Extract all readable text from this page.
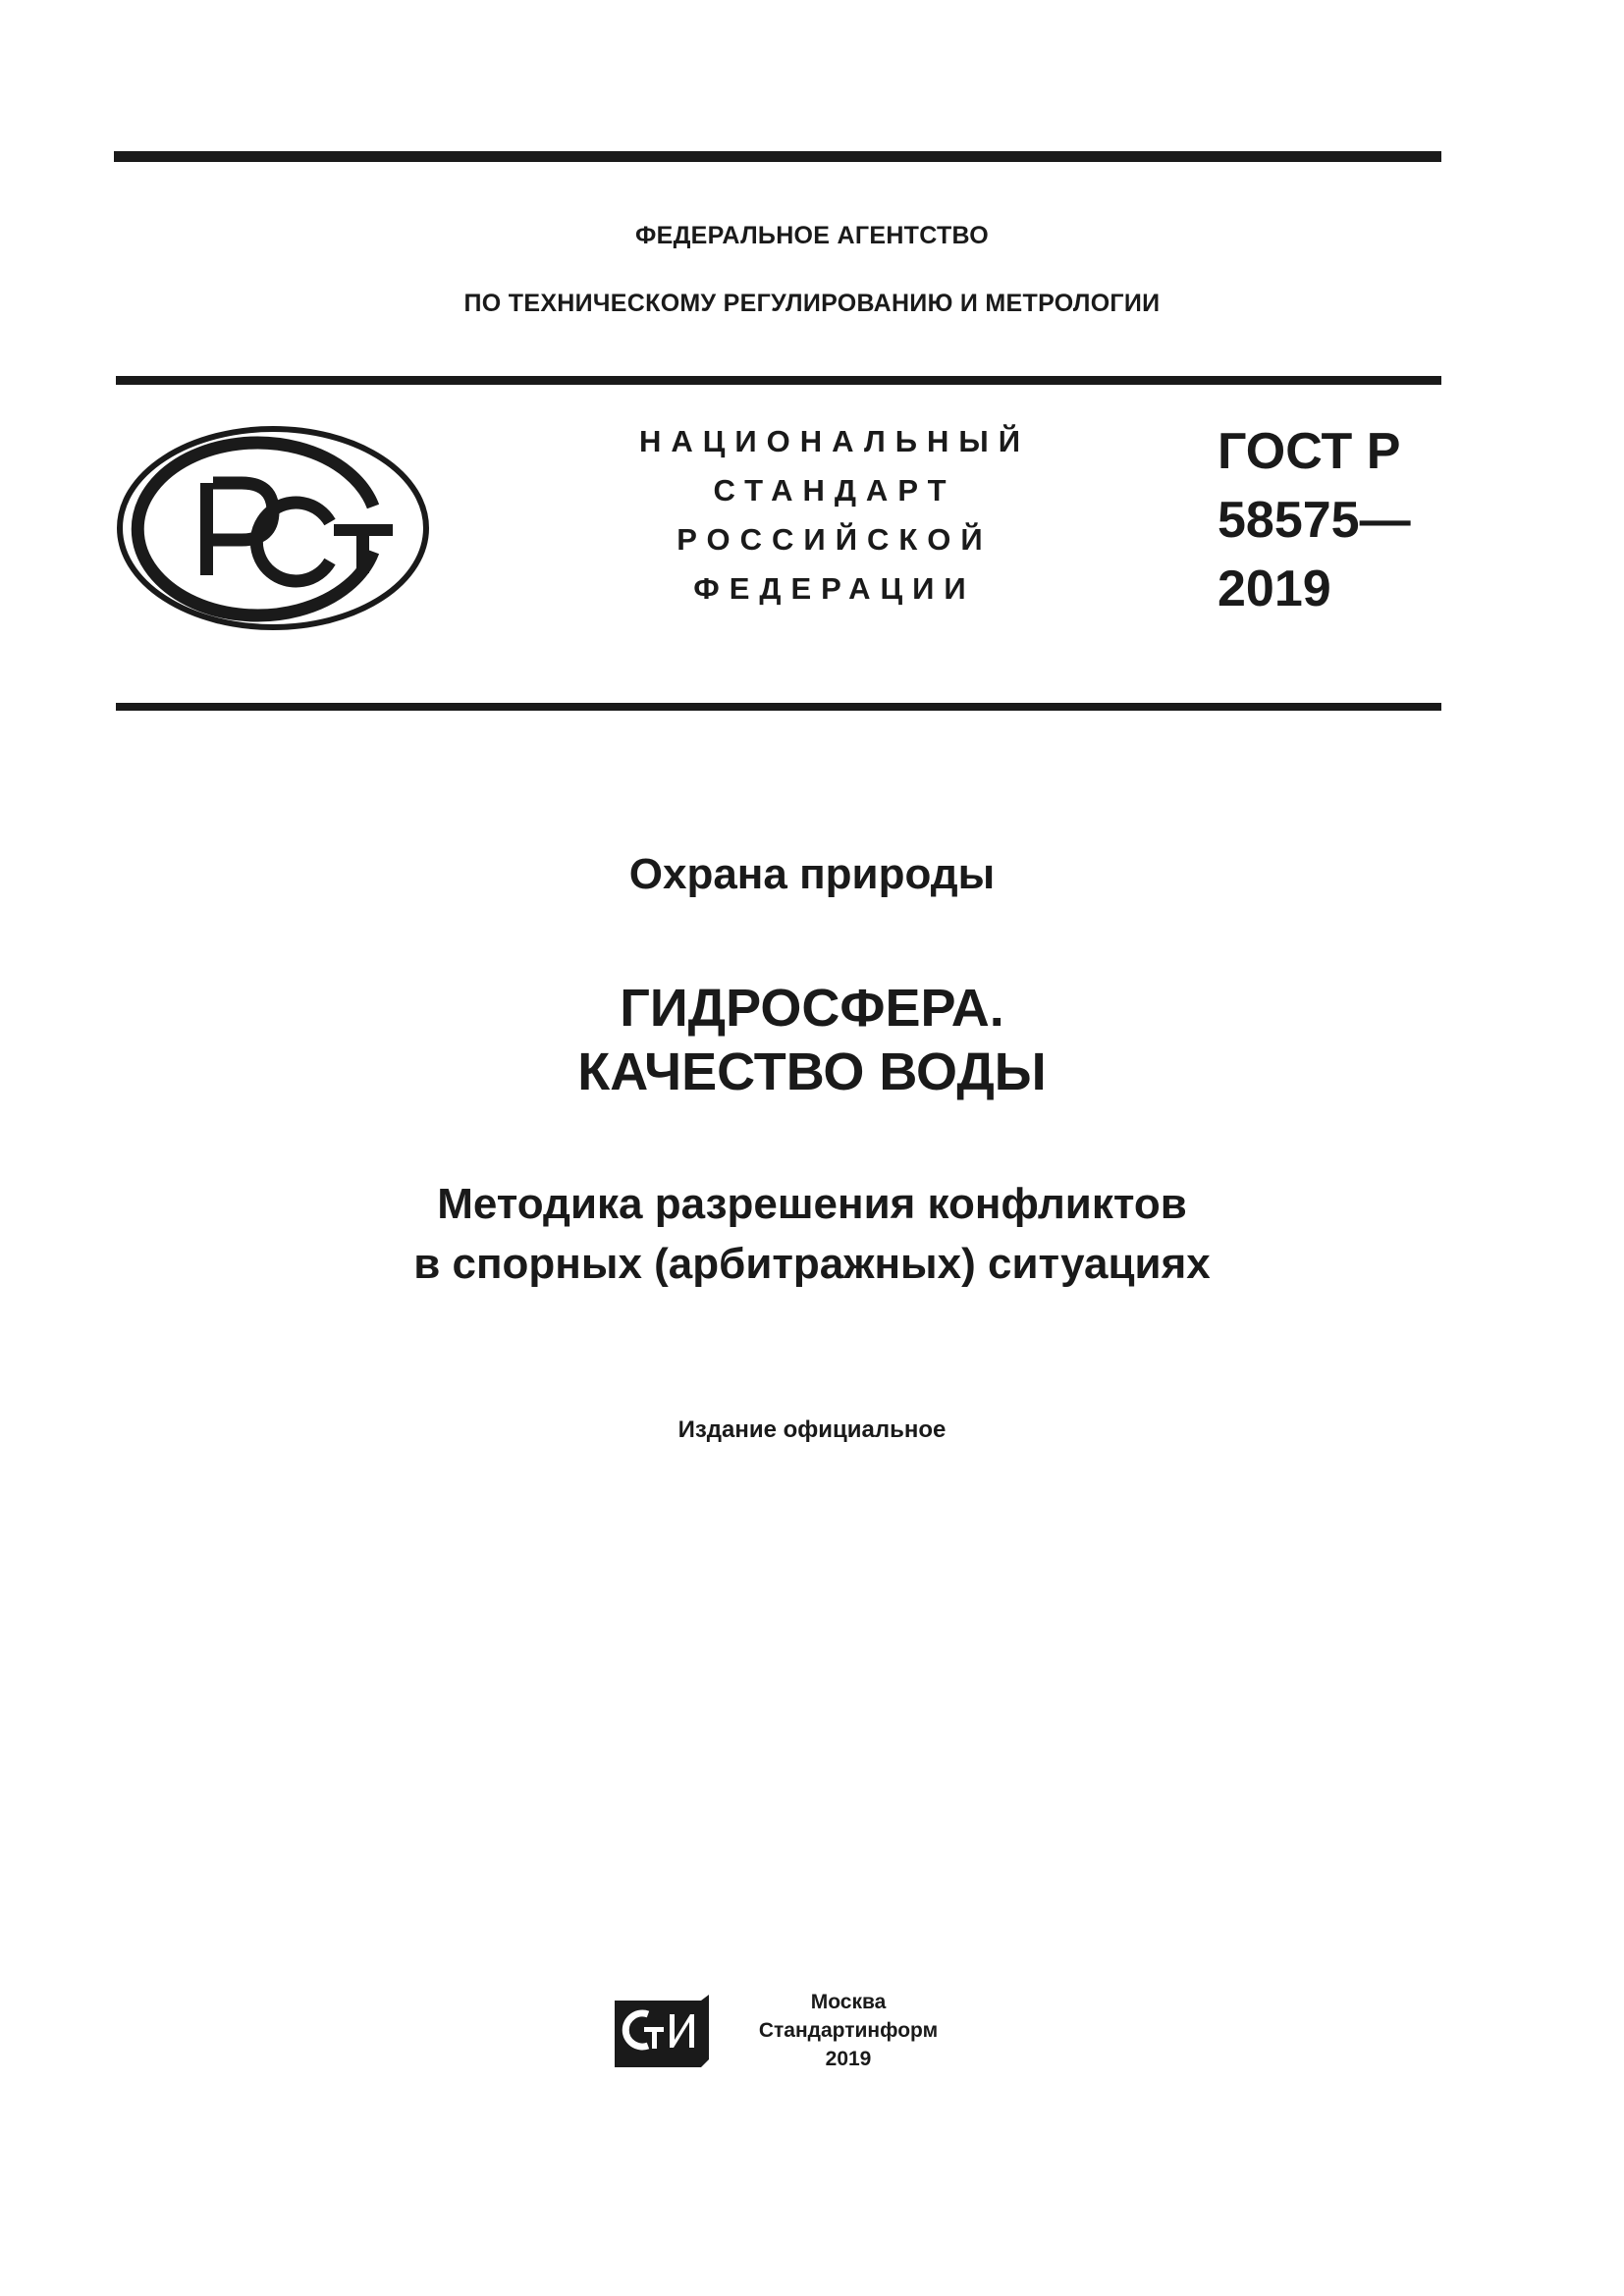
ФЕДЕРАЛЬНОЕ АГЕНТСТВО
ПО ТЕХНИЧЕСКОМУ РЕГУЛИРОВАНИЮ И МЕТРОЛОГИИ
НАЦИОНАЛЬНЫЙ
СТАНДАРТ
РОССИЙСКОЙ
ФЕДЕРАЦИИ
ГОСТ Р
58575—
2019
Охрана природы
ГИДРОСФЕРА.
КАЧЕСТВО ВОДЫ
Методика разрешения конфликтов
в спорных (арбитражных) ситуациях
Издание официальное
Москва
Стандартинформ
2019
